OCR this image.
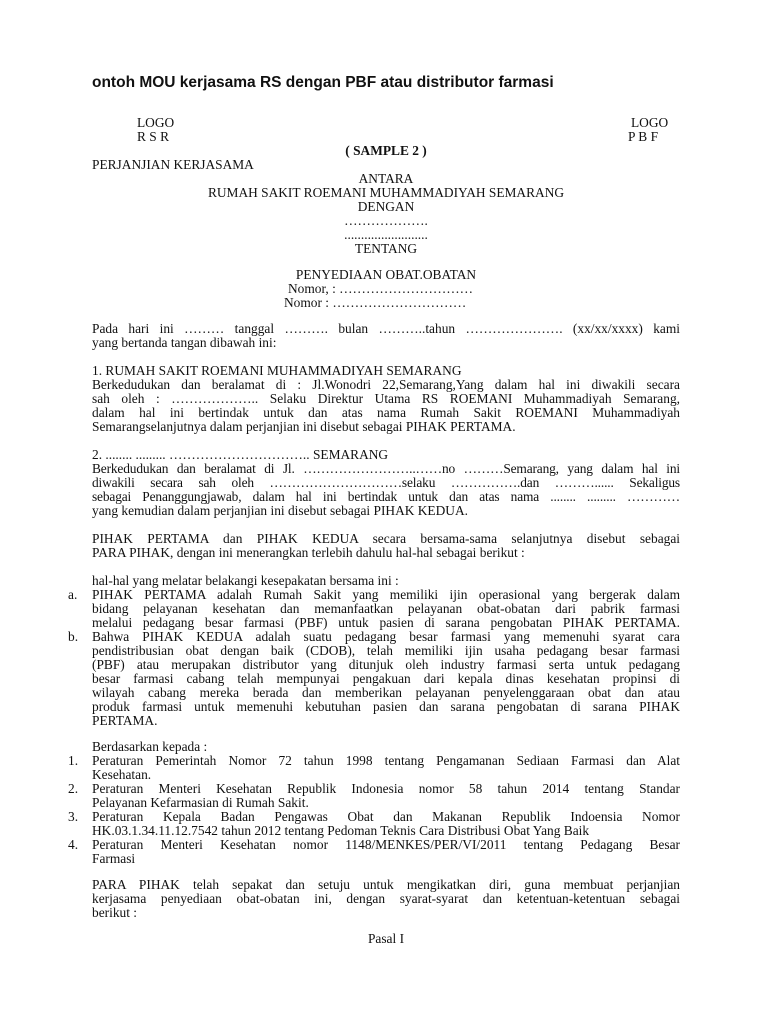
ontoh MOU kerjasama RS dengan PBF atau distributor farmasi

LOGO

R S R

LOGO

P B F

( SAMPLE 2 )

PERJANJIAN KERJASAMA

ANTARA

RUMAH SAKIT ROEMANI MUHAMMADIYAH SEMARANG

DENGAN

……………….

.........................

TENTANG

PENYEDIAAN OBAT.OBATAN

Nomor, : …………………………

Nomor : …………………………

Pada hari ini ……… tanggal ………. bulan ………..tahun …………………. (xx/xx/xxxx) kami

yang bertanda tangan dibawah ini:

1. RUMAH SAKIT ROEMANI MUHAMMADIYAH SEMARANG

Berkedudukan dan beralamat di : Jl.Wonodri 22,Semarang,Yang dalam hal ini diwakili secara

sah oleh : ……………….. Selaku Direktur Utama RS ROEMANI Muhammadiyah Semarang,

dalam hal ini bertindak untuk dan atas nama Rumah Sakit ROEMANI Muhammadiyah

Semarangselanjutnya dalam perjanjian ini disebut sebagai PIHAK PERTAMA.

2. ........ ......... ………………………….. SEMARANG

Berkedudukan dan beralamat di Jl. ……………………..……no ………Semarang, yang dalam hal ini

diwakili secara sah oleh …………………………selaku …………….dan ………...... Sekaligus

sebagai Penanggungjawab, dalam hal ini bertindak untuk dan atas nama ........ ......... …………

yang kemudian dalam perjanjian ini disebut sebagai PIHAK KEDUA.

PIHAK PERTAMA dan PIHAK KEDUA secara bersama-sama selanjutnya disebut sebagai

PARA PIHAK, dengan ini menerangkan terlebih dahulu hal-hal sebagai berikut :

hal-hal yang melatar belakangi kesepakatan bersama ini :

a. PIHAK PERTAMA adalah Rumah Sakit yang memiliki ijin operasional yang bergerak dalam

bidang pelayanan kesehatan dan memanfaatkan pelayanan obat-obatan dari pabrik farmasi

melalui pedagang besar farmasi (PBF) untuk pasien di sarana pengobatan PIHAK PERTAMA.

b. Bahwa PIHAK KEDUA adalah suatu pedagang besar farmasi yang memenuhi syarat cara

pendistribusian obat dengan baik (CDOB), telah memiliki ijin usaha pedagang besar farmasi

(PBF) atau merupakan distributor yang ditunjuk oleh industry farmasi serta untuk pedagang

besar farmasi cabang telah mempunyai pengakuan dari kepala dinas kesehatan propinsi di

wilayah cabang mereka berada dan memberikan pelayanan penyelenggaraan obat dan atau

produk farmasi untuk memenuhi kebutuhan pasien dan sarana pengobatan di sarana PIHAK

PERTAMA.

Berdasarkan kepada :

1. Peraturan Pemerintah Nomor 72 tahun 1998 tentang Pengamanan Sediaan Farmasi dan Alat

Kesehatan.

2. Peraturan Menteri Kesehatan Republik Indonesia nomor 58 tahun 2014 tentang Standar

Pelayanan Kefarmasian di Rumah Sakit.

3. Peraturan Kepala Badan Pengawas Obat dan Makanan Republik Indoensia Nomor

HK.03.1.34.11.12.7542 tahun 2012 tentang Pedoman Teknis Cara Distribusi Obat Yang Baik

4. Peraturan Menteri Kesehatan nomor 1148/MENKES/PER/VI/2011 tentang Pedagang Besar

Farmasi

PARA PIHAK telah sepakat dan setuju untuk mengikatkan diri, guna membuat perjanjian

kerjasama penyediaan obat-obatan ini, dengan syarat-syarat dan ketentuan-ketentuan sebagai

berikut :

Pasal I
